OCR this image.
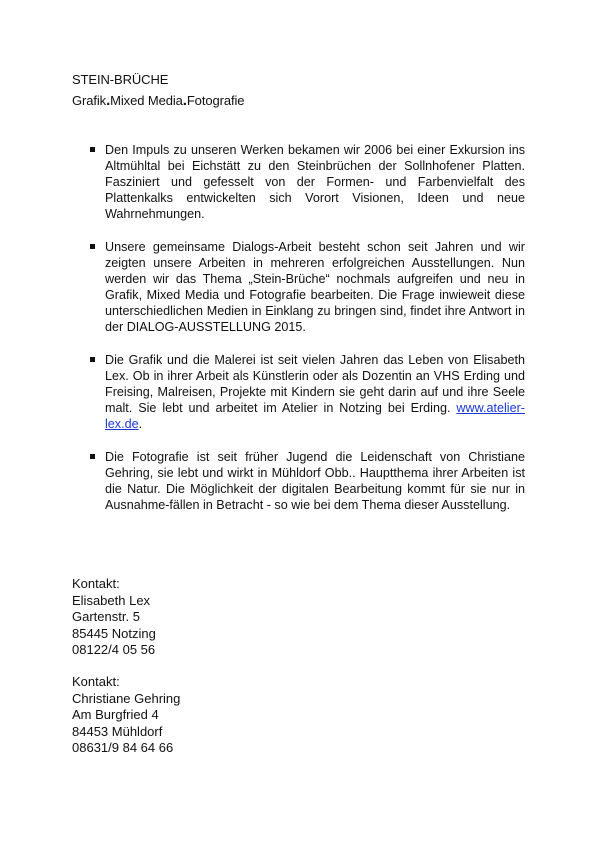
STEIN-BRÜCHE
Grafik.Mixed Media.Fotografie
Den Impuls zu unseren Werken bekamen wir 2006 bei einer Exkursion ins Altmühltal bei Eichstätt zu den Steinbrüchen der Sollnhofener Platten. Fasziniert und gefesselt von der Formen- und Farbenvielfalt des Plattenkalks entwickelten sich Vorort Visionen, Ideen und neue Wahrnehmungen.
Unsere gemeinsame Dialogs-Arbeit besteht schon seit Jahren und wir zeigten unsere Arbeiten in mehreren erfolgreichen Ausstellungen. Nun werden wir das Thema „Stein-Brüche“ nochmals aufgreifen und neu in Grafik, Mixed Media und Fotografie bearbeiten. Die Frage inwieweit diese unterschiedlichen Medien in Einklang zu bringen sind, findet ihre Antwort in der DIALOG-AUSSTELLUNG 2015.
Die Grafik und die Malerei ist seit vielen Jahren das Leben von Elisabeth Lex. Ob in ihrer Arbeit als Künstlerin oder als Dozentin an VHS Erding und Freising, Malreisen, Projekte mit Kindern sie geht darin auf und ihre Seele malt. Sie lebt und arbeitet im Atelier in Notzing bei Erding. www.atelier-lex.de.
Die Fotografie ist seit früher Jugend die Leidenschaft von Christiane Gehring, sie lebt und wirkt in Mühldorf Obb.. Hauptthema ihrer Arbeiten ist die Natur. Die Möglichkeit der digitalen Bearbeitung kommt für sie nur in Ausnahme-fällen in Betracht - so wie bei dem Thema dieser Ausstellung.
Kontakt:
Elisabeth Lex
Gartenstr. 5
85445 Notzing
08122/4 05 56
Kontakt:
Christiane Gehring
Am Burgfried 4
84453 Mühldorf
08631/9 84 64 66
